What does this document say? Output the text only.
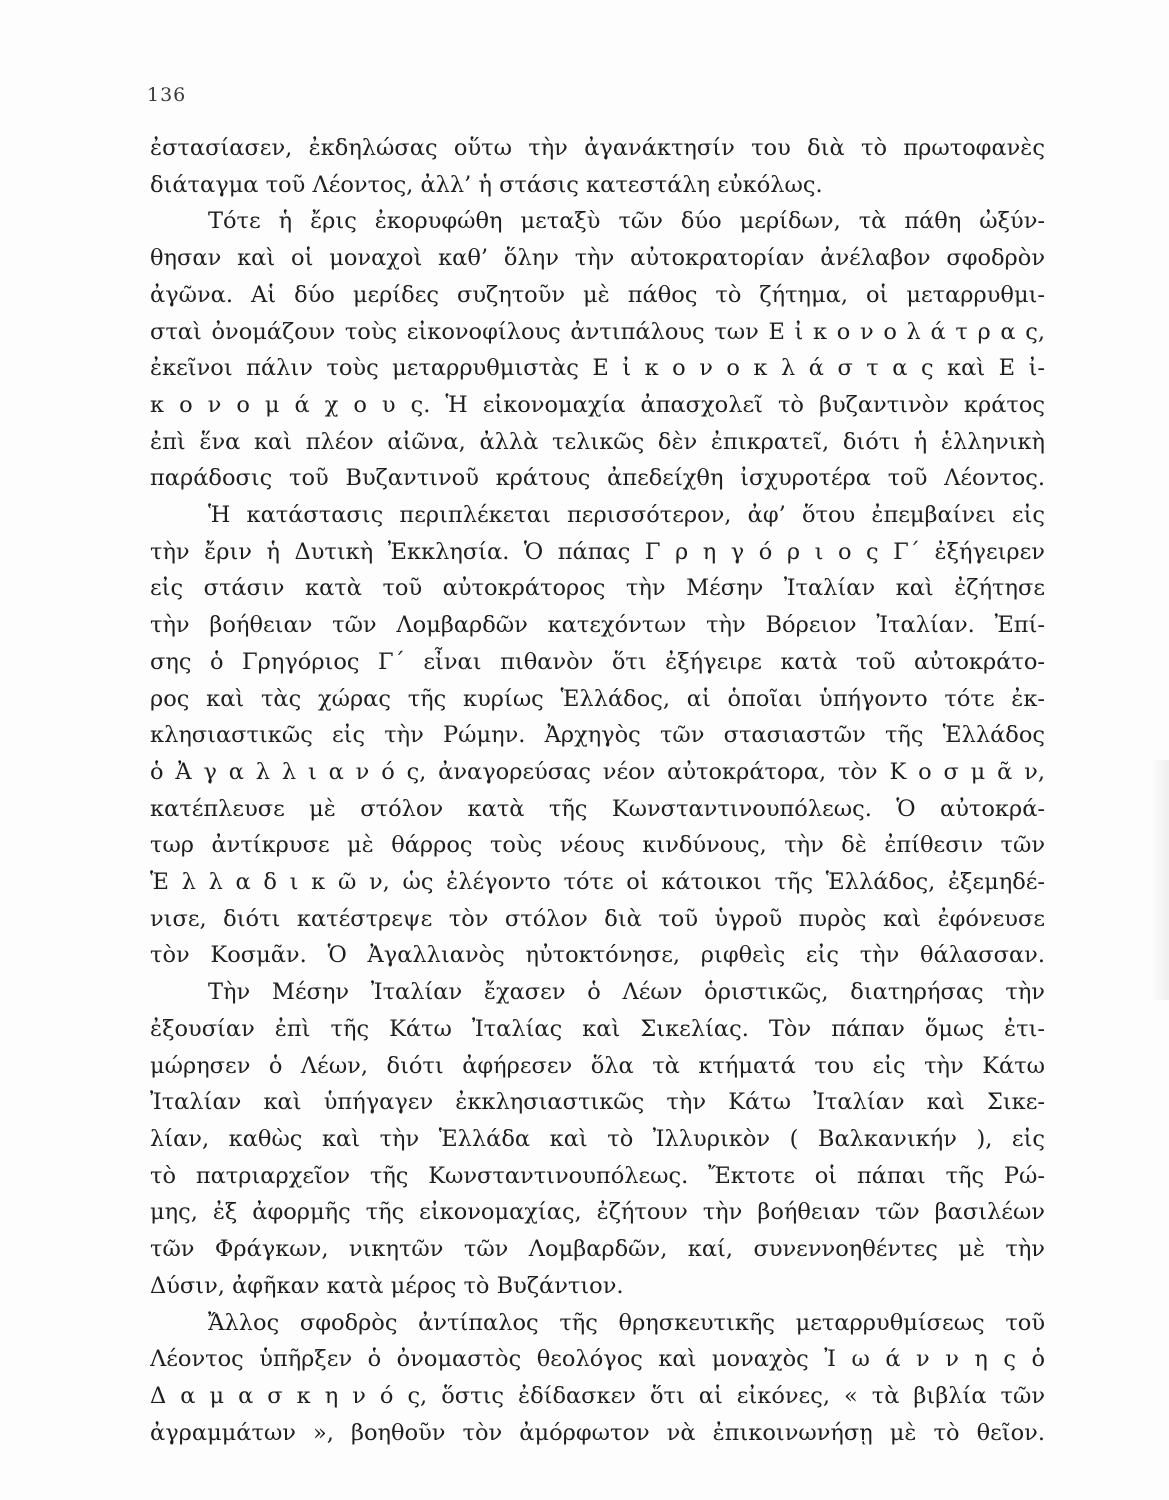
136
ἐστασίασεν, ἐκδηλώσας οὕτω τὴν ἀγανάκτησίν του διὰ τὸ πρωτοφανὲς
διάταγμα τοῦ Λέοντος, ἀλλ’ ἡ στάσις κατεστάλη εὐκόλως.
Τότε ἡ ἔρις ἐκορυφώθη μεταξὺ τῶν δύο μερίδων, τὰ πάθη ὠξύν-
θησαν καὶ οἱ μοναχοὶ καθ’ ὅλην τὴν αὐτοκρατορίαν ἀνέλαβον σφοδρὸν
ἀγῶνα. Αἱ δύο μερίδες συζητοῦν μὲ πάθος τὸ ζήτημα, οἱ μεταρρυθμι-
σταὶ ὀνομάζουν τοὺς εἰκονοφίλους ἀντιπάλους των Ε ἰ κ ο ν ο λ ά τ ρ α ς,
ἐκεῖνοι πάλιν τοὺς μεταρρυθμιστὰς Ε ἰ κ ο ν ο κ λ ά σ τ α ς καὶ Ε ἰ-
κ ο ν ο μ ά χ ο υ ς. Ἡ εἰκονομαχία ἀπασχολεῖ τὸ βυζαντινὸν κράτος
ἐπὶ ἕνα καὶ πλέον αἰῶνα, ἀλλὰ τελικῶς δὲν ἐπικρατεῖ, διότι ἡ ἑλληνικὴ
παράδοσις τοῦ Βυζαντινοῦ κράτους ἀπεδείχθη ἰσχυροτέρα τοῦ Λέοντος.
Ἡ κατάστασις περιπλέκεται περισσότερον, ἀφ’ ὅτου ἐπεμβαίνει εἰς
τὴν ἔριν ἡ Δυτικὴ Ἐκκλησία. Ὁ πάπας Γ ρ η γ ό ρ ι ο ς Γ΄ ἐξήγειρεν
εἰς στάσιν κατὰ τοῦ αὐτοκράτορος τὴν Μέσην Ἰταλίαν καὶ ἐζήτησε
τὴν βοήθειαν τῶν Λομβαρδῶν κατεχόντων τὴν Βόρειον Ἰταλίαν. Ἐπί-
σης ὁ Γρηγόριος Γ΄ εἶναι πιθανὸν ὅτι ἐξήγειρε κατὰ τοῦ αὐτοκράτο-
ρος καὶ τὰς χώρας τῆς κυρίως Ἑλλάδος, αἱ ὁποῖαι ὑπήγοντο τότε ἐκ-
κλησιαστικῶς εἰς τὴν Ρώμην. Ἀρχηγὸς τῶν στασιαστῶν τῆς Ἑλλάδος
ὁ Ἀ γ α λ λ ι α ν ό ς, ἀναγορεύσας νέον αὐτοκράτορα, τὸν Κ ο σ μ ᾶ ν,
κατέπλευσε μὲ στόλον κατὰ τῆς Κωνσταντινουπόλεως. Ὁ αὐτοκρά-
τωρ ἀντίκρυσε μὲ θάρρος τοὺς νέους κινδύνους, τὴν δὲ ἐπίθεσιν τῶν
Ἑ λ λ α δ ι κ ῶ ν, ὡς ἐλέγοντο τότε οἱ κάτοικοι τῆς Ἑλλάδος, ἐξεμηδέ-
νισε, διότι κατέστρεψε τὸν στόλον διὰ τοῦ ὑγροῦ πυρὸς καὶ ἐφόνευσε
τὸν Κοσμᾶν. Ὁ Ἀγαλλιανὸς ηὐτοκτόνησε, ριφθεὶς εἰς τὴν θάλασσαν.
Τὴν Μέσην Ἰταλίαν ἔχασεν ὁ Λέων ὁριστικῶς, διατηρήσας τὴν
ἐξουσίαν ἐπὶ τῆς Κάτω Ἰταλίας καὶ Σικελίας. Τὸν πάπαν ὅμως ἐτι-
μώρησεν ὁ Λέων, διότι ἀφήρεσεν ὅλα τὰ κτήματά του εἰς τὴν Κάτω
Ἰταλίαν καὶ ὑπήγαγεν ἐκκλησιαστικῶς τὴν Κάτω Ἰταλίαν καὶ Σικε-
λίαν, καθὼς καὶ τὴν Ἑλλάδα καὶ τὸ Ἰλλυρικὸν ( Βαλκανικήν ), εἰς
τὸ πατριαρχεῖον τῆς Κωνσταντινουπόλεως. Ἔκτοτε οἱ πάπαι τῆς Ρώ-
μης, ἐξ ἀφορμῆς τῆς εἰκονομαχίας, ἐζήτουν τὴν βοήθειαν τῶν βασιλέων
τῶν Φράγκων, νικητῶν τῶν Λομβαρδῶν, καί, συνεννοηθέντες μὲ τὴν
Δύσιν, ἀφῆκαν κατὰ μέρος τὸ Βυζάντιον.
Ἄλλος σφοδρὸς ἀντίπαλος τῆς θρησκευτικῆς μεταρρυθμίσεως τοῦ
Λέοντος ὑπῆρξεν ὁ ὀνομαστὸς θεολόγος καὶ μοναχὸς Ἰ ω ά ν ν η ς ὁ
Δ α μ α σ κ η ν ό ς, ὅστις ἐδίδασκεν ὅτι αἱ εἰκόνες, « τὰ βιβλία τῶν
ἀγραμμάτων », βοηθοῦν τὸν ἀμόρφωτον νὰ ἐπικοινωνήσῃ μὲ τὸ θεῖον.
